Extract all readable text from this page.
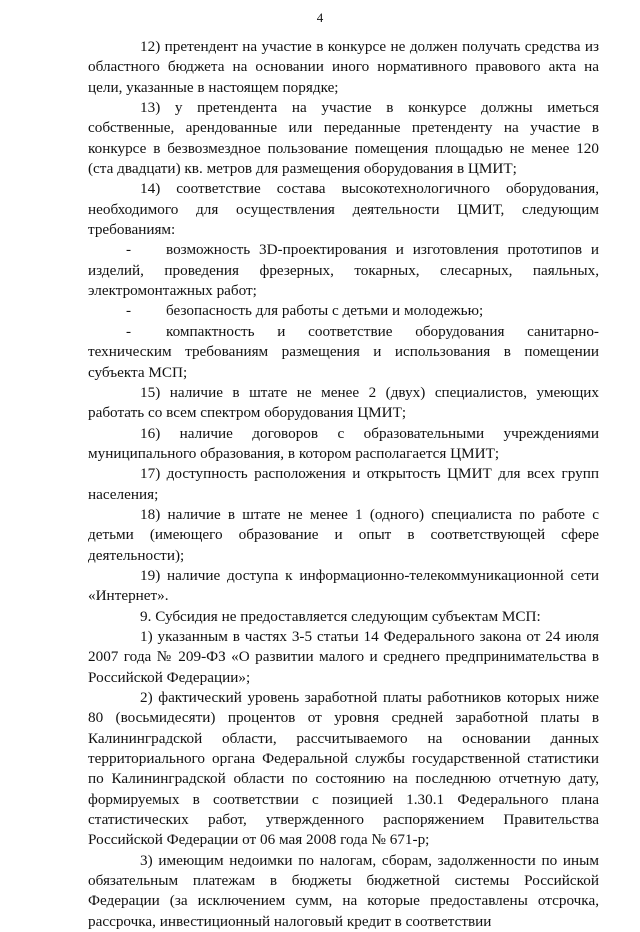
4

12) претендент на участие в конкурсе не должен получать средства из областного бюджета на основании иного нормативного правового акта на цели, указанные в настоящем порядке;

13) у претендента на участие в конкурсе должны иметься собственные, арендованные или переданные претенденту на участие в конкурсе в безвозмездное пользование помещения площадью не менее 120 (ста двадцати) кв. метров для размещения оборудования в ЦМИТ;

14) соответствие состава высокотехнологичного оборудования, необходимого для осуществления деятельности ЦМИТ, следующим требованиям:

- возможность 3D-проектирования и изготовления прототипов и изделий, проведения фрезерных, токарных, слесарных, паяльных, электромонтажных работ;

- безопасность для работы с детьми и молодежью;

- компактность и соответствие оборудования санитарно-техническим требованиям размещения и использования в помещении субъекта МСП;

15) наличие в штате не менее 2 (двух) специалистов, умеющих работать со всем спектром оборудования ЦМИТ;

16) наличие договоров с образовательными учреждениями муниципального образования, в котором располагается ЦМИТ;

17) доступность расположения и открытость ЦМИТ для всех групп населения;

18) наличие в штате не менее 1 (одного) специалиста по работе с детьми (имеющего образование и опыт в соответствующей сфере деятельности);

19) наличие доступа к информационно-телекоммуникационной сети «Интернет».

9. Субсидия не предоставляется следующим субъектам МСП:

1) указанным в частях 3-5 статьи 14 Федерального закона от 24 июля 2007 года № 209-ФЗ «О развитии малого и среднего предпринимательства в Российской Федерации»;

2) фактический уровень заработной платы работников которых ниже 80 (восьмидесяти) процентов от уровня средней заработной платы в Калининградской области, рассчитываемого на основании данных территориального органа Федеральной службы государственной статистики по Калининградской области по состоянию на последнюю отчетную дату, формируемых в соответствии с позицией 1.30.1 Федерального плана статистических работ, утвержденного распоряжением Правительства Российской Федерации от 06 мая 2008 года № 671-р;

3) имеющим недоимки по налогам, сборам, задолженности по иным обязательным платежам в бюджеты бюджетной системы Российской Федерации (за исключением сумм, на которые предоставлены отсрочка, рассрочка, инвестиционный налоговый кредит в соответствии
